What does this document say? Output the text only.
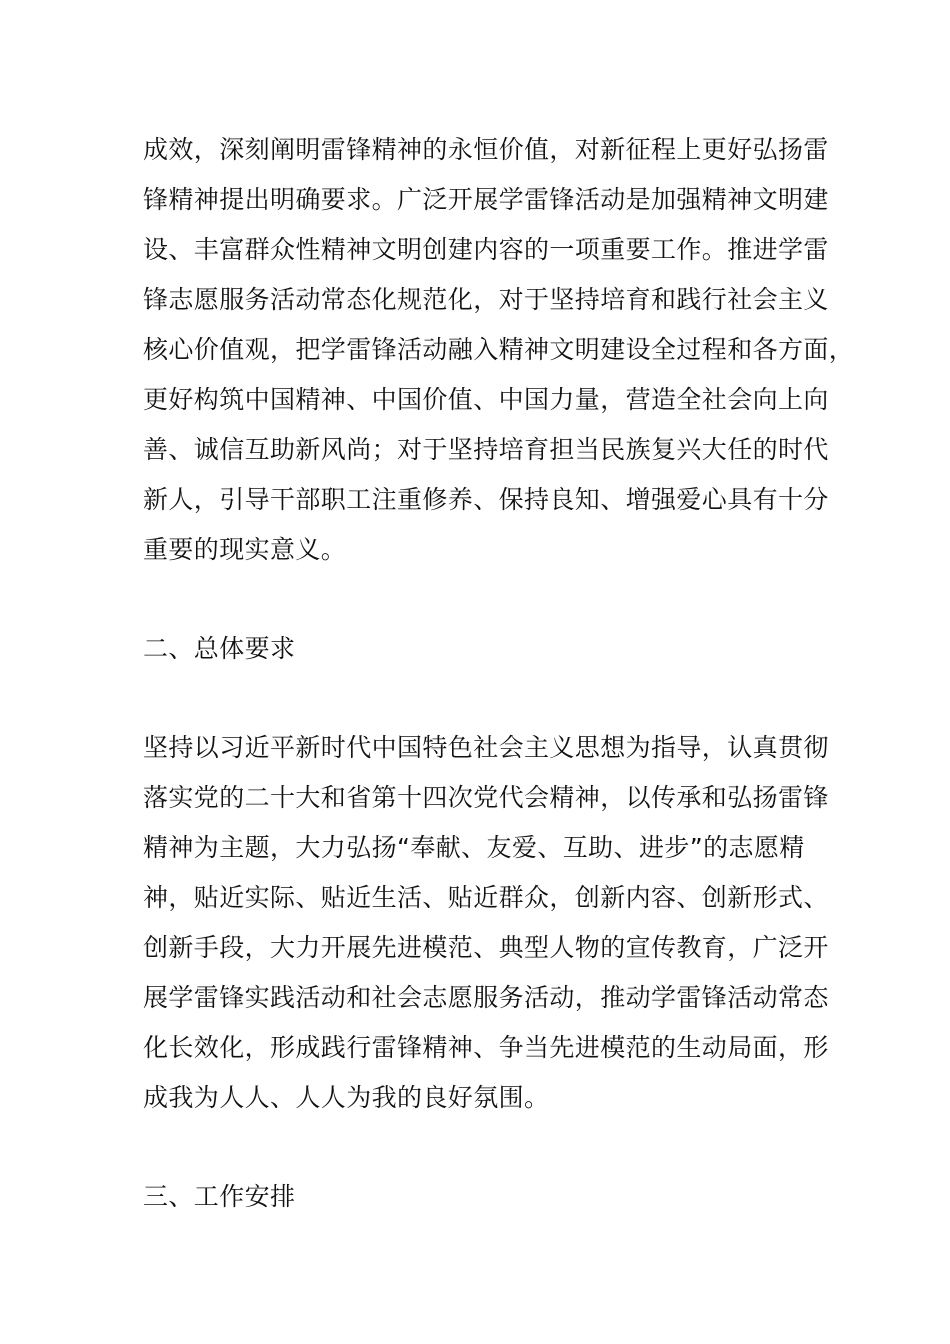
成效，深刻阐明雷锋精神的永恒价值，对新征程上更好弘扬雷

锋精神提出明确要求。广泛开展学雷锋活动是加强精神文明建

设、丰富群众性精神文明创建内容的一项重要工作。推进学雷

锋志愿服务活动常态化规范化，对于坚持培育和践行社会主义

核心价值观，把学雷锋活动融入精神文明建设全过程和各方面，

更好构筑中国精神、中国价值、中国力量，营造全社会向上向

善、诚信互助新风尚；对于坚持培育担当民族复兴大任的时代

新人，引导干部职工注重修养、保持良知、增强爱心具有十分

重要的现实意义。

二、总体要求

坚持以习近平新时代中国特色社会主义思想为指导，认真贯彻

落实党的二十大和省第十四次党代会精神，以传承和弘扬雷锋

精神为主题，大力弘扬“奉献、友爱、互助、进步”的志愿精

神，贴近实际、贴近生活、贴近群众，创新内容、创新形式、

创新手段，大力开展先进模范、典型人物的宣传教育，广泛开

展学雷锋实践活动和社会志愿服务活动，推动学雷锋活动常态

化长效化，形成践行雷锋精神、争当先进模范的生动局面，形

成我为人人、人人为我的良好氛围。

三、工作安排
